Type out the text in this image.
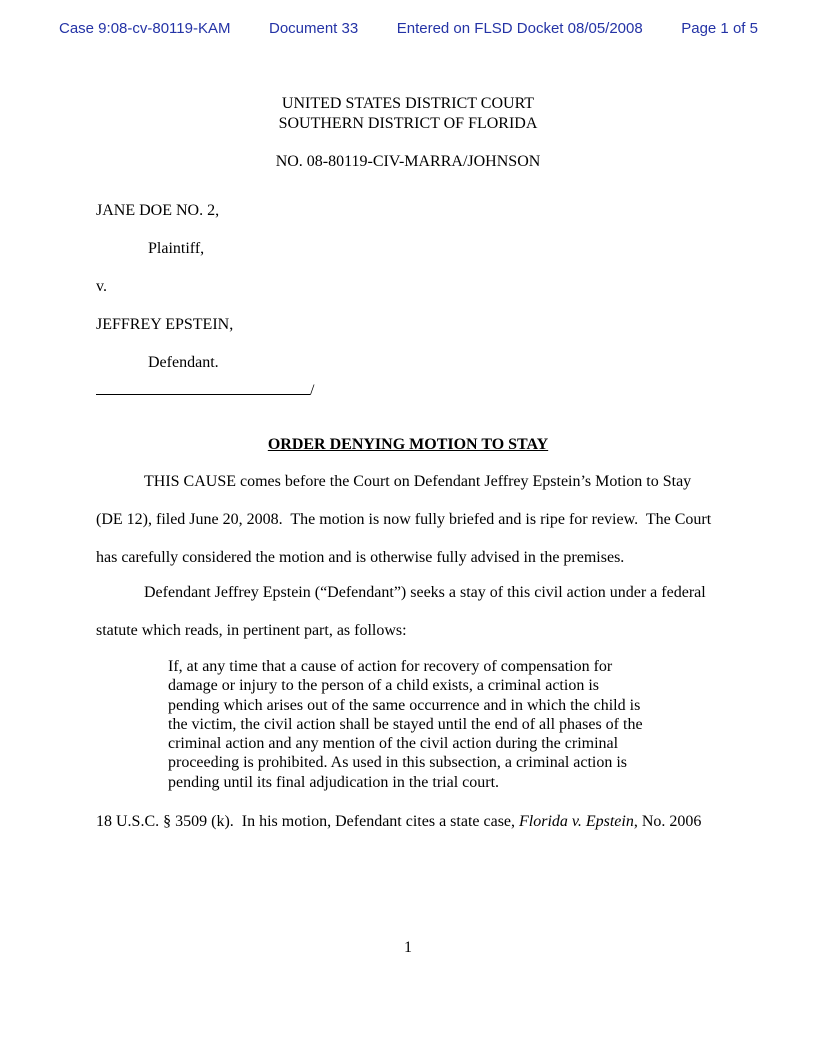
Case 9:08-cv-80119-KAM	Document 33	Entered on FLSD Docket 08/05/2008	Page 1 of 5
UNITED STATES DISTRICT COURT
SOUTHERN DISTRICT OF FLORIDA
NO. 08-80119-CIV-MARRA/JOHNSON
JANE DOE NO. 2,
Plaintiff,
v.
JEFFREY EPSTEIN,
Defendant.
/
ORDER DENYING MOTION TO STAY
THIS CAUSE comes before the Court on Defendant Jeffrey Epstein’s Motion to Stay
(DE 12), filed June 20, 2008.  The motion is now fully briefed and is ripe for review.  The Court
has carefully considered the motion and is otherwise fully advised in the premises.
Defendant Jeffrey Epstein (“Defendant”) seeks a stay of this civil action under a federal
statute which reads, in pertinent part, as follows:
If, at any time that a cause of action for recovery of compensation for
damage or injury to the person of a child exists, a criminal action is
pending which arises out of the same occurrence and in which the child is
the victim, the civil action shall be stayed until the end of all phases of the
criminal action and any mention of the civil action during the criminal
proceeding is prohibited. As used in this subsection, a criminal action is
pending until its final adjudication in the trial court.
18 U.S.C. § 3509 (k).  In his motion, Defendant cites a state case, Florida v. Epstein, No. 2006
1
